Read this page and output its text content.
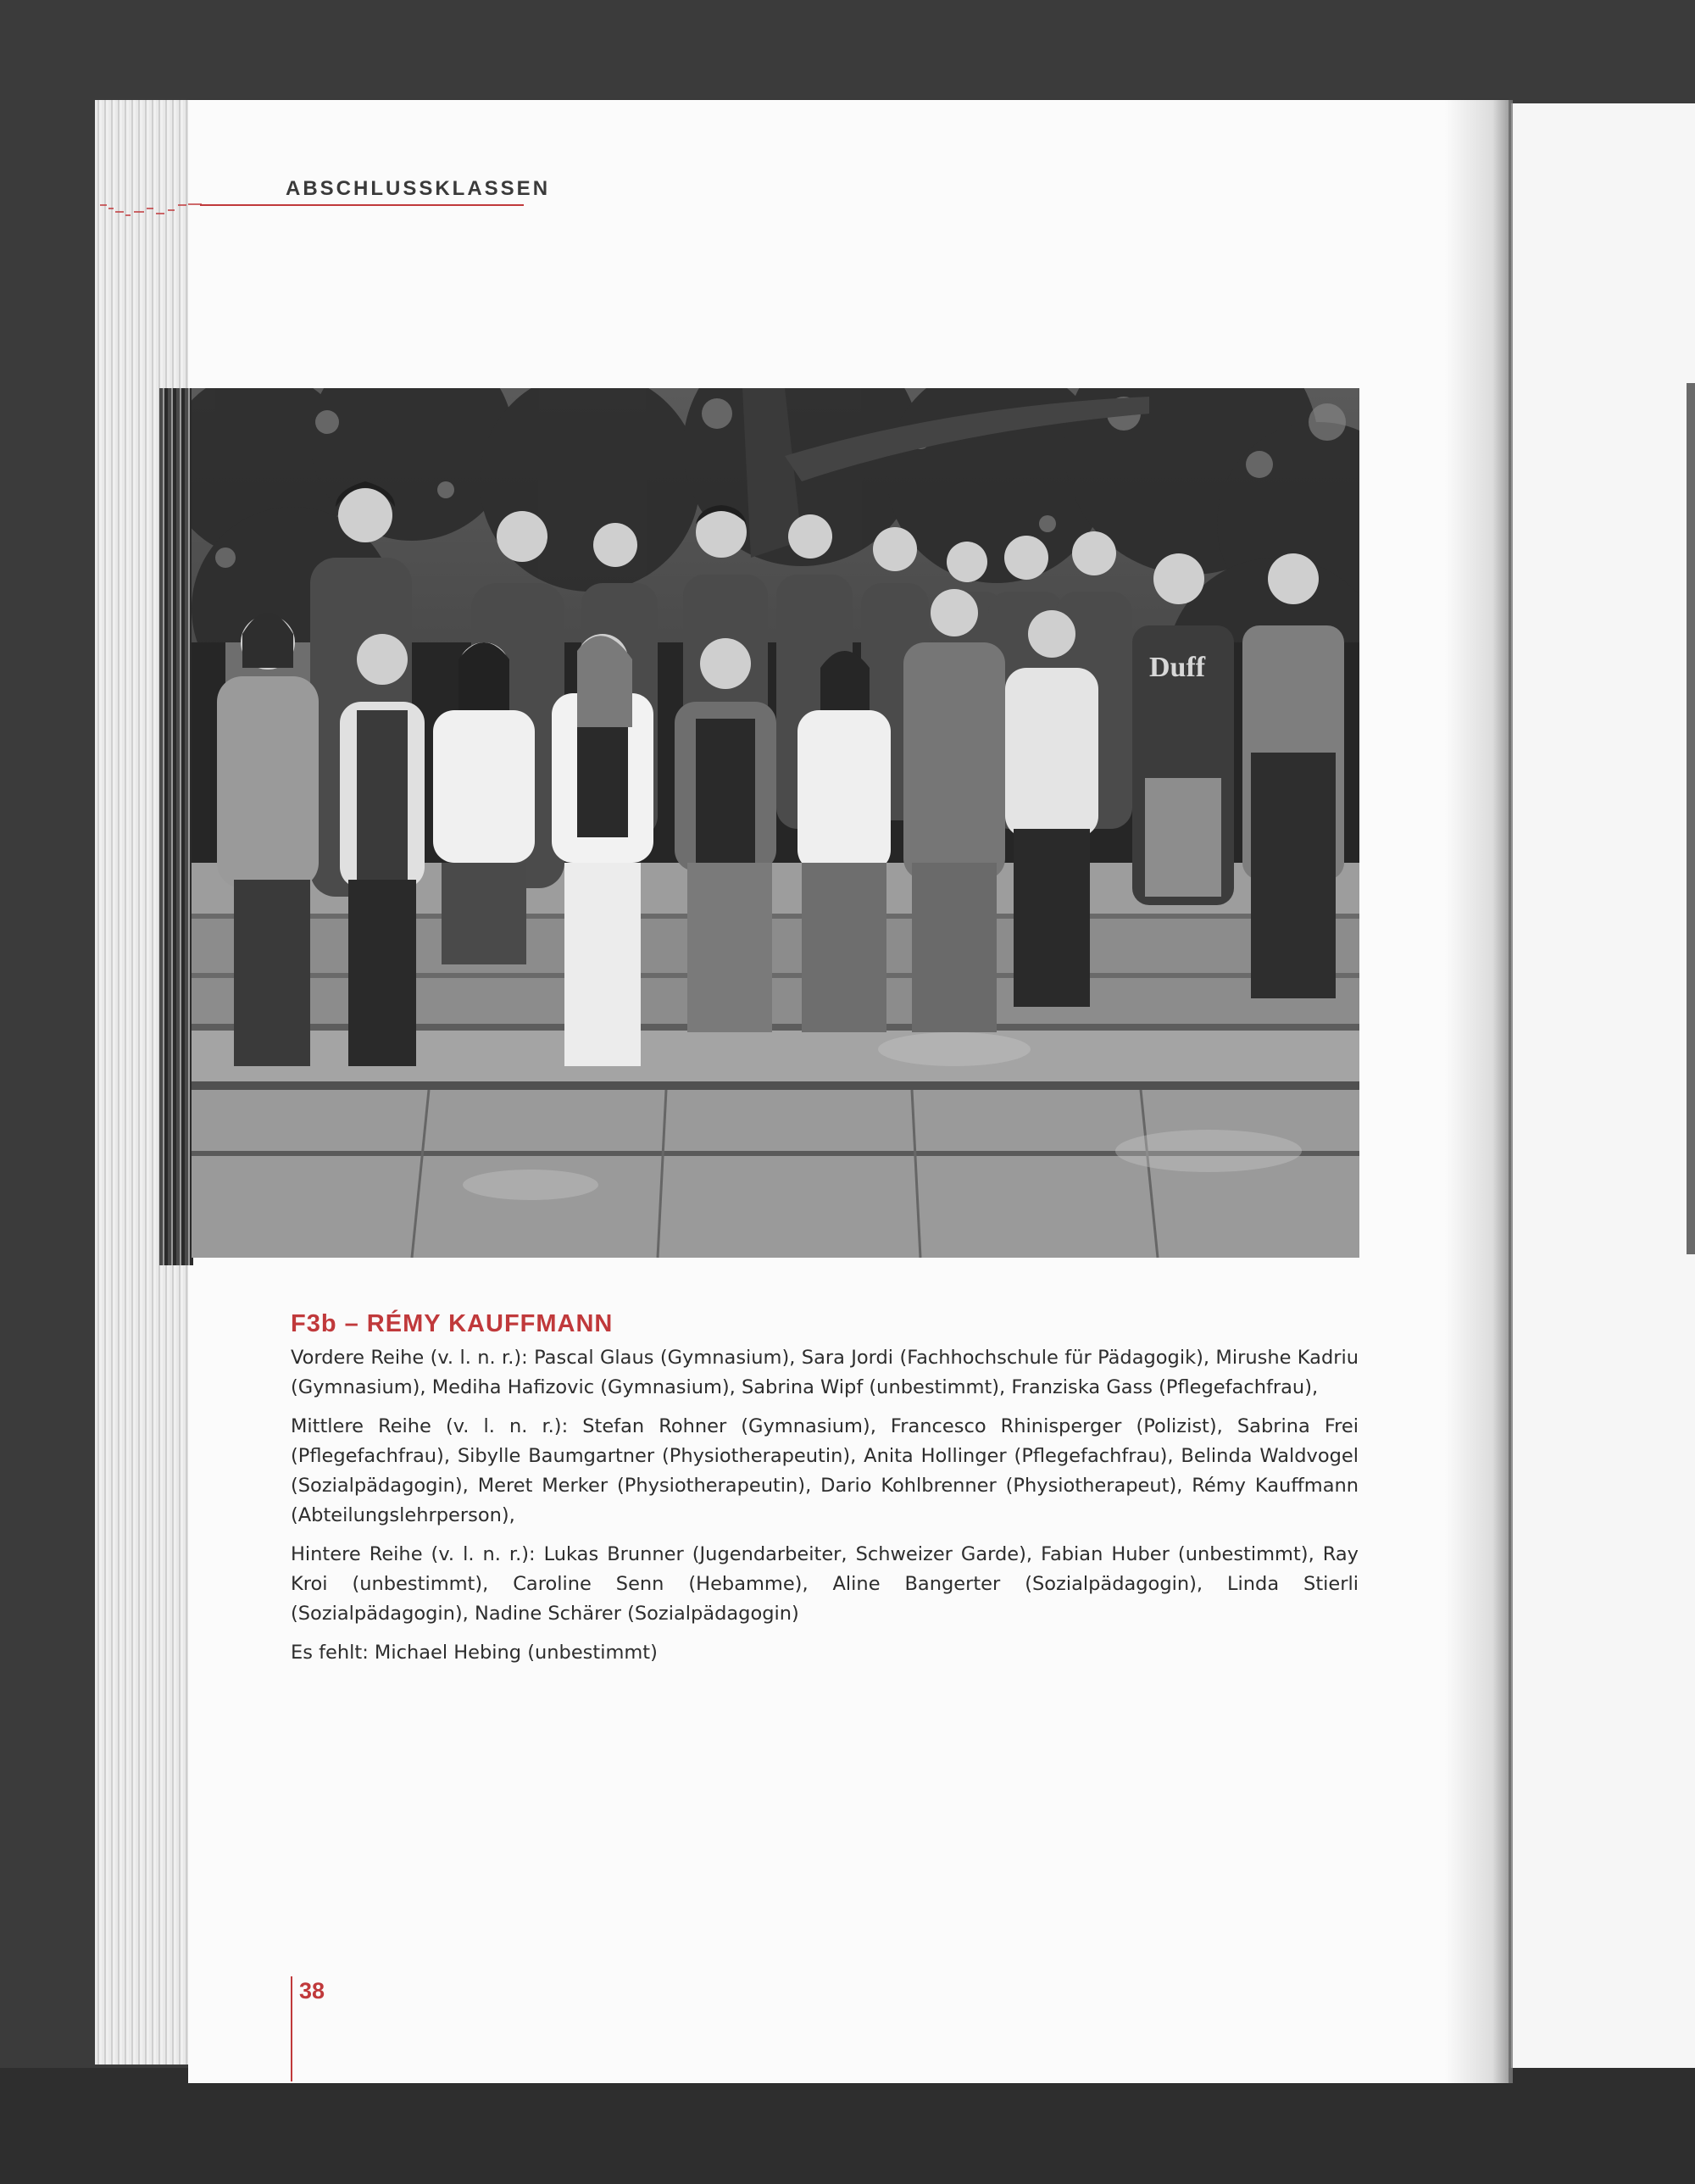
ABSCHLUSSKLASSEN
Duff
F3b – RÉMY KAUFFMANN

Vordere Reihe (v. l. n. r.): Pascal Glaus (Gymnasium), Sara Jordi (Fachhochschule für Pädagogik), Mirushe Kadriu (Gymnasium), Mediha Hafizovic (Gymnasium), Sabrina Wipf (unbestimmt), Franziska Gass (Pflegefachfrau),

Mittlere Reihe (v. l. n. r.): Stefan Rohner (Gymnasium), Francesco Rhinisperger (Polizist), Sabrina Frei (Pflegefachfrau), Sibylle Baumgartner (Physiotherapeutin), Anita Hollinger (Pflegefachfrau), Belinda Waldvogel (Sozialpädagogin), Meret Merker (Physiotherapeutin), Dario Kohlbrenner (Physiotherapeut), Rémy Kauffmann (Abteilungslehrperson),

Hintere Reihe (v. l. n. r.): Lukas Brunner (Jugendarbeiter, Schweizer Garde), Fabian Huber (unbestimmt), Ray Kroi (unbestimmt), Caroline Senn (Hebamme), Aline Bangerter (Sozialpädagogin), Linda Stierli (Sozialpädagogin), Nadine Schärer (Sozialpädagogin)

Es fehlt: Michael Hebing (unbestimmt)

38
